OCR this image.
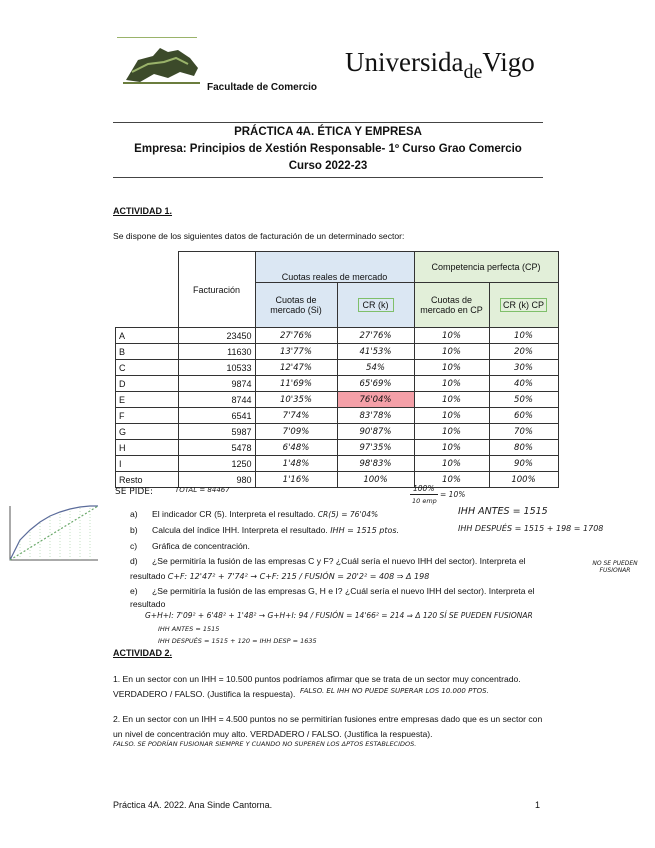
Facultade de Comercio
Universida$_{de}$Vigo
PRÁCTICA 4A. ÉTICA Y EMPRESA
Empresa: Principios de Xestión Responsable- 1º Curso Grao Comercio
Curso 2022-23
ACTIVIDAD 1.
Se dispone de los siguientes datos de facturación de un determinado sector:
	Facturación	Cuotas reales de mercado		Competencia perfecta (CP)	
		Cuotas de mercado (Si)	CR (k)	Cuotas de mercado en CP	CR (k) CP

A	23450	27'76%	27'76%	10%	10%
B	11630	13'77%	41'53%	10%	20%
C	10533	12'47%	54%	10%	30%
D	9874	11'69%	65'69%	10%	40%
E	8744	10'35%	76'04%	10%	50%
F	6541	7'74%	83'78%	10%	60%
G	5987	7'09%	90'87%	10%	70%
H	5478	6'48%	97'35%	10%	80%
I	1250	1'48%	98'83%	10%	90%
Resto	980	1'16%	100%	10%	100%
SE PIDE:	TOTAL = 84467	100%
10 emp
= 10%
IHH ANTES = 1515
IHH DESPUÉS = 1515 + 198 = 1708
a) El indicador CR (5). Interpreta el resultado. CR(5) = 76'04%
b) Calcula del índice IHH. Interpreta el resultado. IHH = 1515 ptos.
c) Gráfica de concentración.
d) ¿Se permitiría la fusión de las empresas C y F? ¿Cuál sería el nuevo IHH del sector). Interpreta el resultado C+F: 12'47² + 7'74² → C+F: 215 / FUSIÓN = 20'2² = 408 ⇒ Δ 198
NO SE PUEDEN FUSIONAR
e) ¿Se permitiría la fusión de las empresas G, H e I? ¿Cuál sería el nuevo IHH del sector). Interpreta el resultado
G+H+I: 7'09² + 6'48² + 1'48² → G+H+I: 94 / FUSIÓN = 14'66² = 214 ⇒ Δ 120 SÍ SE PUEDEN FUSIONAR
IHH ANTES = 1515
IHH DESPUÉS = 1515 + 120 = IHH DESP = 1635
ACTIVIDAD 2.
1. En un sector con un IHH = 10.500 puntos podríamos afirmar que se trata de un sector muy concentrado. VERDADERO / FALSO. (Justifica la respuesta). FALSO. EL IHH NO PUEDE SUPERAR LOS 10.000 PTOS.
2. En un sector con un IHH = 4.500 puntos no se permitirían fusiones entre empresas dado que es un sector con un nivel de concentración muy alto. VERDADERO / FALSO. (Justifica la respuesta).
FALSO. SE PODRÍAN FUSIONAR SIEMPRE Y CUANDO NO SUPEREN LOS ΔPTOS ESTABLECIDOS.
Práctica 4A. 2022. Ana Sinde Cantorna.	1
